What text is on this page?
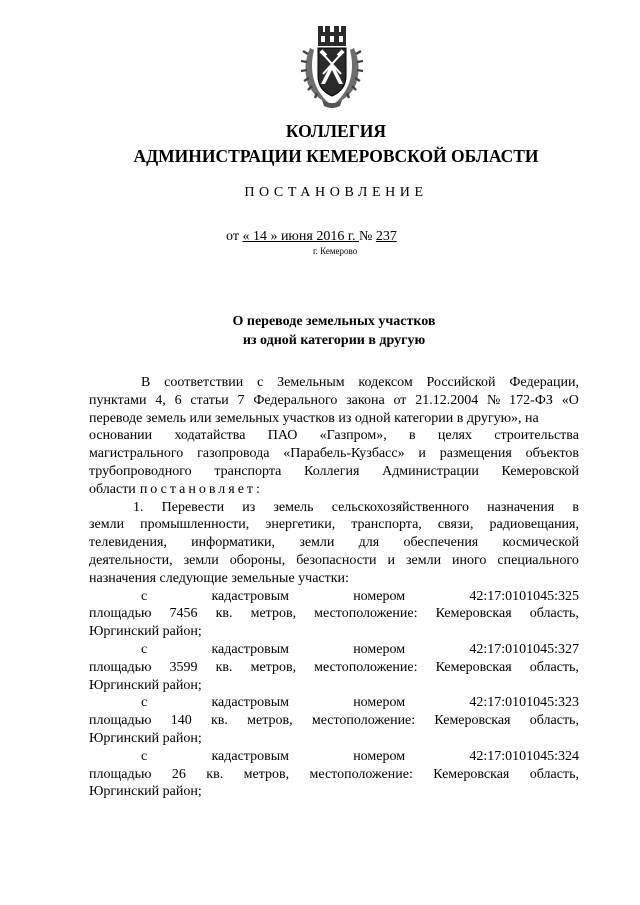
КОЛЛЕГИЯ
АДМИНИСТРАЦИИ КЕМЕРОВСКОЙ ОБЛАСТИ
ПОСТАНОВЛЕНИЕ
от « 14 » июня 2016 г. № 237
г. Кемерово
О переводе земельных участков
из одной категории в другую
В соответствии с Земельным кодексом Российской Федерации,
пунктами 4, 6 статьи 7 Федерального закона от 21.12.2004 № 172-ФЗ «О
переводе земель или земельных участков из одной категории в другую», на
основании ходатайства ПАО «Газпром», в целях строительства
магистрального газопровода «Парабель-Кузбасс» и размещения объектов
трубопроводного транспорта Коллегия Администрации Кемеровской
области постановляет:
1. Перевести из земель сельскохозяйственного назначения в
земли промышленности, энергетики, транспорта, связи, радиовещания,
телевидения, информатики, земли для обеспечения космической
деятельности, земли обороны, безопасности и земли иного специального
назначения следующие земельные участки:
с	кадастровым	номером	42:17:0101045:325
площадью 7456 кв. метров, местоположение: Кемеровская область,
Юргинский район;
с	кадастровым	номером	42:17:0101045:327
площадью 3599 кв. метров, местоположение: Кемеровская область,
Юргинский район;
с	кадастровым	номером	42:17:0101045:323
площадью 140 кв. метров, местоположение: Кемеровская область,
Юргинский район;
с	кадастровым	номером	42:17:0101045:324
площадью 26 кв. метров, местоположение: Кемеровская область,
Юргинский район;
